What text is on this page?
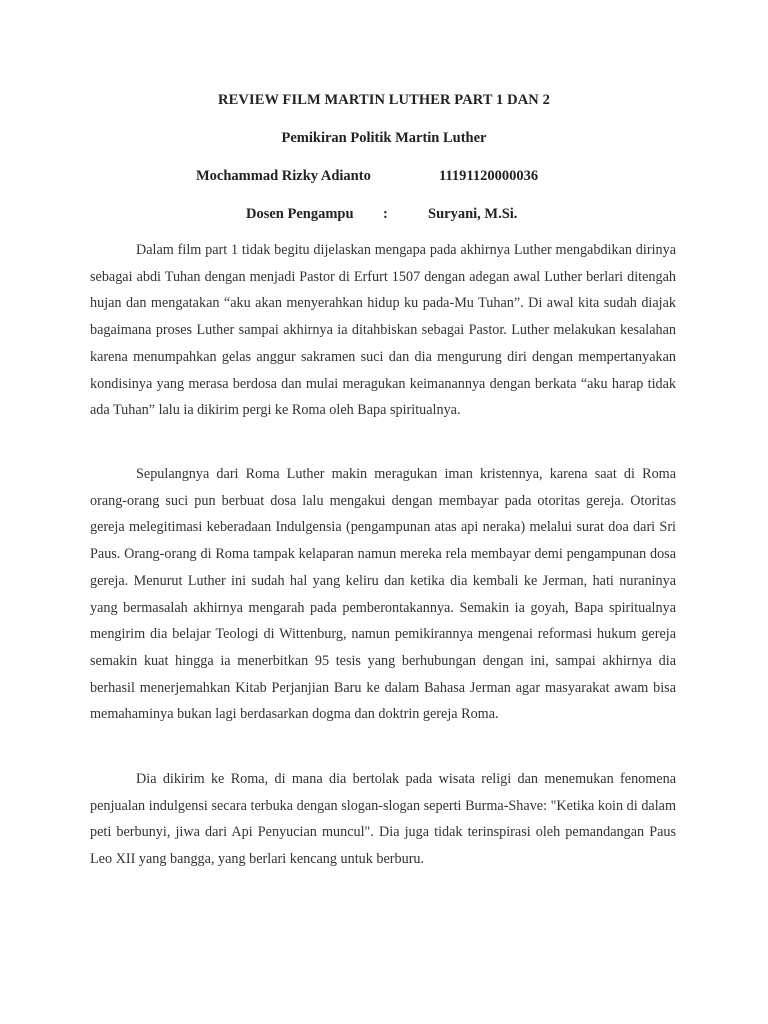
REVIEW FILM MARTIN LUTHER PART 1 DAN 2
Pemikiran Politik Martin Luther
Mochammad Rizky Adianto	11191120000036
Dosen Pengampu :	Suryani, M.Si.

Dalam film part 1 tidak begitu dijelaskan mengapa pada akhirnya Luther mengabdikan dirinya sebagai abdi Tuhan dengan menjadi Pastor di Erfurt 1507 dengan adegan awal Luther berlari ditengah hujan dan mengatakan “aku akan menyerahkan hidup ku pada-Mu Tuhan”. Di awal kita sudah diajak bagaimana proses Luther sampai akhirnya ia ditahbiskan sebagai Pastor. Luther melakukan kesalahan karena menumpahkan gelas anggur sakramen suci dan dia mengurung diri dengan mempertanyakan kondisinya yang merasa berdosa dan mulai meragukan keimanannya dengan berkata “aku harap tidak ada Tuhan” lalu ia dikirim pergi ke Roma oleh Bapa spiritualnya.

Sepulangnya dari Roma Luther makin meragukan iman kristennya, karena saat di Roma orang-orang suci pun berbuat dosa lalu mengakui dengan membayar pada otoritas gereja. Otoritas gereja melegitimasi keberadaan Indulgensia (pengampunan atas api neraka) melalui surat doa dari Sri Paus. Orang-orang di Roma tampak kelaparan namun mereka rela membayar demi pengampunan dosa gereja. Menurut Luther ini sudah hal yang keliru dan ketika dia kembali ke Jerman, hati nuraninya yang bermasalah akhirnya mengarah pada pemberontakannya. Semakin ia goyah, Bapa spiritualnya mengirim dia belajar Teologi di Wittenburg, namun pemikirannya mengenai reformasi hukum gereja semakin kuat hingga ia menerbitkan 95 tesis yang berhubungan dengan ini, sampai akhirnya dia berhasil menerjemahkan Kitab Perjanjian Baru ke dalam Bahasa Jerman agar masyarakat awam bisa memahaminya bukan lagi berdasarkan dogma dan doktrin gereja Roma.

Dia dikirim ke Roma, di mana dia bertolak pada wisata religi dan menemukan fenomena penjualan indulgensi secara terbuka dengan slogan-slogan seperti Burma-Shave: "Ketika koin di dalam peti berbunyi, jiwa dari Api Penyucian muncul". Dia juga tidak terinspirasi oleh pemandangan Paus Leo XII yang bangga, yang berlari kencang untuk berburu.
